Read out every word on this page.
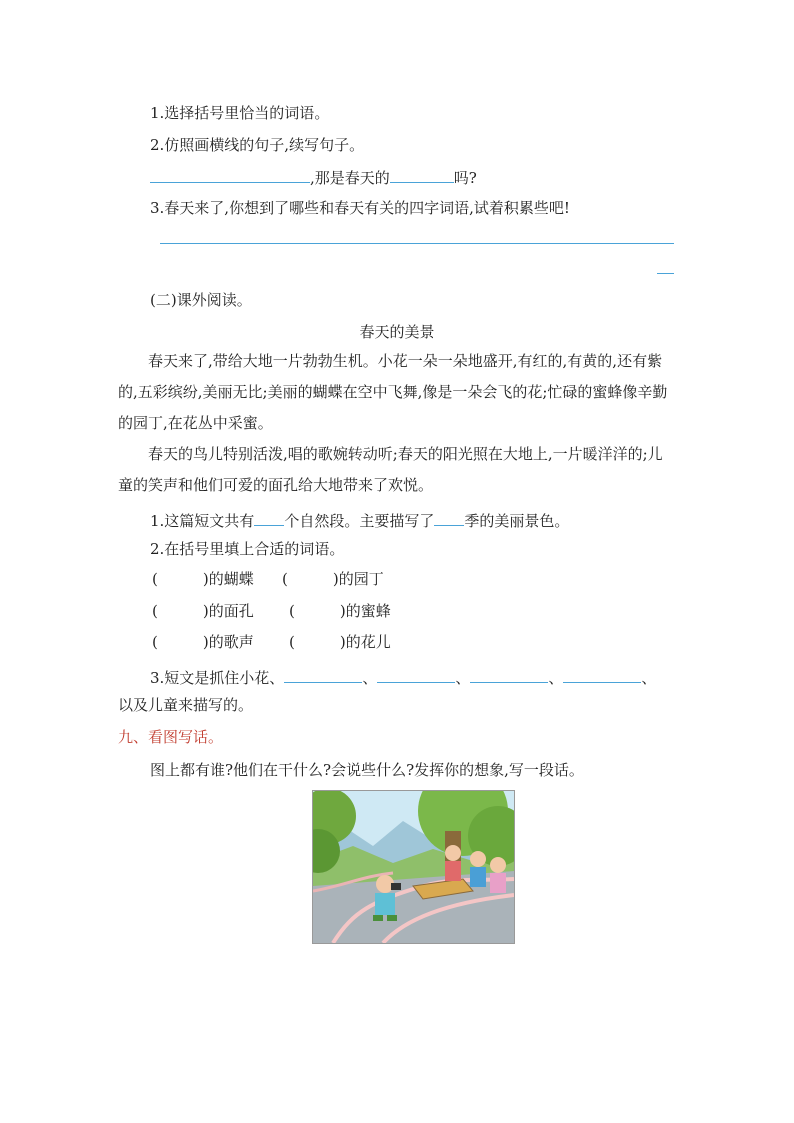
1.选择括号里恰当的词语。
2.仿照画横线的句子,续写句子。
,那是春天的	吗?
3.春天来了,你想到了哪些和春天有关的四字词语,试着积累些吧!
(二)课外阅读。
春天的美景
春天来了,带给大地一片勃勃生机。小花一朵一朵地盛开,有红的,有黄的,还有紫的,五彩缤纷,美丽无比;美丽的蝴蝶在空中飞舞,像是一朵会飞的花;忙碌的蜜蜂像辛勤的园丁,在花丛中采蜜。
春天的鸟儿特别活泼,唱的歌婉转动听;春天的阳光照在大地上,一片暖洋洋的;儿童的笑声和他们可爱的面孔给大地带来了欢悦。
1.这篇短文共有 个自然段。主要描写了 季的美丽景色。
2.在括号里填上合适的词语。
(　　　)的蝴蝶 (　　　)的园丁
(　　　)的面孔 (　　　)的蜜蜂
(　　　)的歌声 (　　　)的花儿
3.短文是抓住小花、	、	、	、	、
以及儿童来描写的。
九、看图写话。
图上都有谁?他们在干什么?会说些什么?发挥你的想象,写一段话。
